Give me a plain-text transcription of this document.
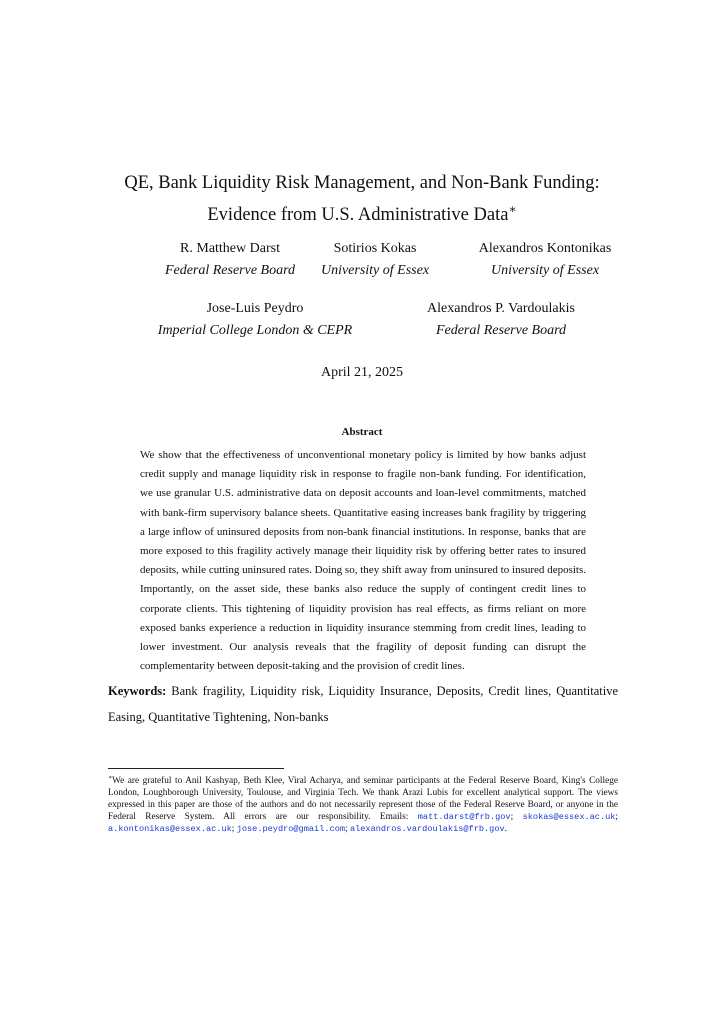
QE, Bank Liquidity Risk Management, and Non-Bank Funding:
Evidence from U.S. Administrative Data∗
R. Matthew Darst
Federal Reserve Board
Sotirios Kokas
University of Essex
Alexandros Kontonikas
University of Essex
Jose-Luis Peydro
Imperial College London & CEPR
Alexandros P. Vardoulakis
Federal Reserve Board
April 21, 2025
Abstract
We show that the effectiveness of unconventional monetary policy is limited by how banks adjust credit supply and manage liquidity risk in response to fragile non-bank funding. For identification, we use granular U.S. administrative data on deposit accounts and loan-level commitments, matched with bank-firm supervisory balance sheets. Quantitative easing increases bank fragility by triggering a large inflow of uninsured deposits from non-bank financial institutions. In response, banks that are more exposed to this fragility actively manage their liquidity risk by offering better rates to insured deposits, while cutting uninsured rates. Doing so, they shift away from uninsured to insured deposits. Importantly, on the asset side, these banks also reduce the supply of contingent credit lines to corporate clients. This tightening of liquidity provision has real effects, as firms reliant on more exposed banks experience a reduction in liquidity insurance stemming from credit lines, leading to lower investment. Our analysis reveals that the fragility of deposit funding can disrupt the complementarity between deposit-taking and the provision of credit lines.
Keywords: Bank fragility, Liquidity risk, Liquidity Insurance, Deposits, Credit lines, Quantitative Easing, Quantitative Tightening, Non-banks
∗We are grateful to Anil Kashyap, Beth Klee, Viral Acharya, and seminar participants at the Federal Reserve Board, King's College London, Loughborough University, Toulouse, and Virginia Tech. We thank Arazi Lubis for excellent analytical support. The views expressed in this paper are those of the authors and do not necessarily represent those of the Federal Reserve Board, or anyone in the Federal Reserve System. All errors are our responsibility. Emails: matt.darst@frb.gov; skokas@essex.ac.uk; a.kontonikas@essex.ac.uk; jose.peydro@gmail.com; alexandros.vardoulakis@frb.gov.
